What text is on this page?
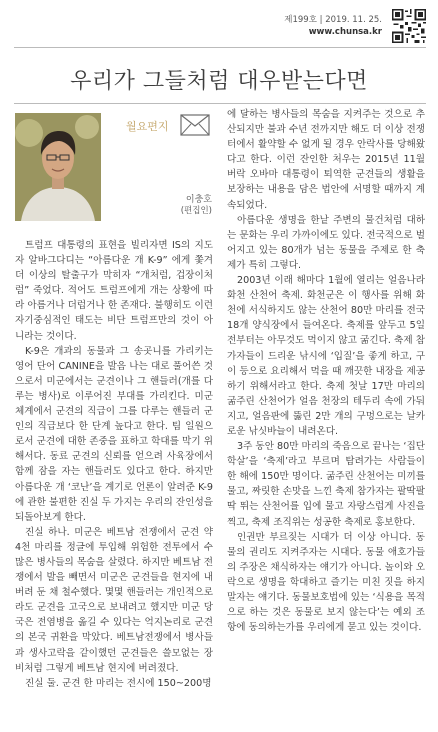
제199호 | 2019. 11. 25.
www.chunsa.kr
우리가 그들처럼 대우받는다면
월요편지
이충호
(편집인)

트럼프 대통령의 표현을 빌리자면 IS의 지도자 알바그다디는 “아름다운 개 K-9” 에게 쫓겨 더 이상의 탈출구가 막히자 “개처럼, 겁장이처럼” 죽었다. 적어도 트럼프에게 개는 상황에 따라 아름거나 더럽거나 한 존재다. 불행히도 이런 자기중심적인 태도는 비단 트럼프만의 것이 아니라는 것이다.

K-9은 개과의 동물과 그 송곳니를 가리키는 영어 단어 CANINE을 발음 나는 대로 풀어쓴 것으로서 미군에서는 군견이나 그 핸들러(개를 다루는 병사)로 이루어진 부대를 가리킨다. 미군 체계에서 군견의 직급이 그를 다루는 핸들러 군인의 직급보다 한 단계 높다고 한다. 팀 일원으로서 군견에 대한 존중을 표하고 학대를 막기 위해서다. 동료 군견의 신뢰를 얻으려 사육장에서 함께 잠을 자는 핸들러도 있다고 한다. 하지만 아름다운 개 ‘코난’을 계기로 언론이 알려준 K-9에 관한 불편한 진실 두 가지는 우리의 잔인성을 되돌아보게 한다.

진실 하나. 미군은 베트남 전쟁에서 군견 약 4천 마리를 정글에 투입해 위험한 전투에서 수많은 병사들의 목숨을 살렸다. 하지만 베트남 전쟁에서 발을 빼면서 미군은 군견들을 현지에 내버려 둔 채 철수했다. 몇몇 핸들러는 개인적으로라도 군견을 고국으로 보내려고 했지만 미군 당국은 전염병을 옮길 수 있다는 억지논리로 군견의 본국 귀환을 막았다. 베트남전쟁에서 병사들과 생사고락을 같이했던 군견들은 쓸모없는 장비처럼 그렇게 베트남 현지에 버려졌다.

진실 둘. 군견 한 마리는 전시에 150~200명

에 달하는 병사들의 목숨을 지켜주는 것으로 추산되지만 불과 수년 전까지만 해도 더 이상 전쟁터에서 활약할 수 없게 될 경우 안락사를 당해왔다고 한다. 이런 잔인한 처우는 2015년 11월 버락 오바마 대통령이 퇴역한 군견들의 생활을 보장하는 내용을 담은 법안에 서명할 때까지 계속되었다.

아름다운 생명을 한낱 주변의 물건처럼 대하는 문화는 우리 가까이에도 있다. 전국적으로 벌어지고 있는 80개가 넘는 동물을 주제로 한 축제가 특히 그렇다.

2003년 이래 해마다 1월에 열리는 얼음나라 화천 산천어 축제. 화천군은 이 행사를 위해 화천에 서식하지도 않는 산천어 80만 마리를 전국 18개 양식장에서 들여온다. 축제를 앞두고 5일 전부터는 아무것도 먹이지 않고 굶긴다. 축제 참가자들이 드리운 낚시에 ‘입질’을 좋게 하고, 구이 등으로 요리해서 먹을 때 깨끗한 내장을 제공하기 위해서라고 한다. 축제 첫날 17만 마리의 굶주린 산천어가 얼음 천장의 테두리 속에 가둬지고, 얼음판에 뚫린 2만 개의 구멍으로는 날카로운 낚싯바늘이 내려온다.

3주 동안 80만 마리의 죽음으로 끝나는 ‘집단학살’을 ‘축제’라고 부르며 탐려가는 사람들이 한 해에 150만 명이다. 굶주린 산천어는 미끼를 물고, 짜릿한 손맛을 느낀 축제 참가자는 팔딱팔딱 뛰는 산천어를 입에 물고 자랑스럽게 사진을 찍고, 축제 조직위는 성공한 축제로 홍보한다.

인권만 부르짖는 시대가 더 이상 아니다. 동물의 권리도 지켜주자는 시대다. 동물 애호가들의 주장은 채식하자는 얘기가 아니다. 놀이와 오락으로 생명을 학대하고 즐기는 미친 짓을 하지 말자는 얘기다. 동물보호법에 있는 ‘식용을 목적으로 하는 것은 동물로 보지 않는다’는 예외 조항에 동의하는가를 우리에게 묻고 있는 것이다.
